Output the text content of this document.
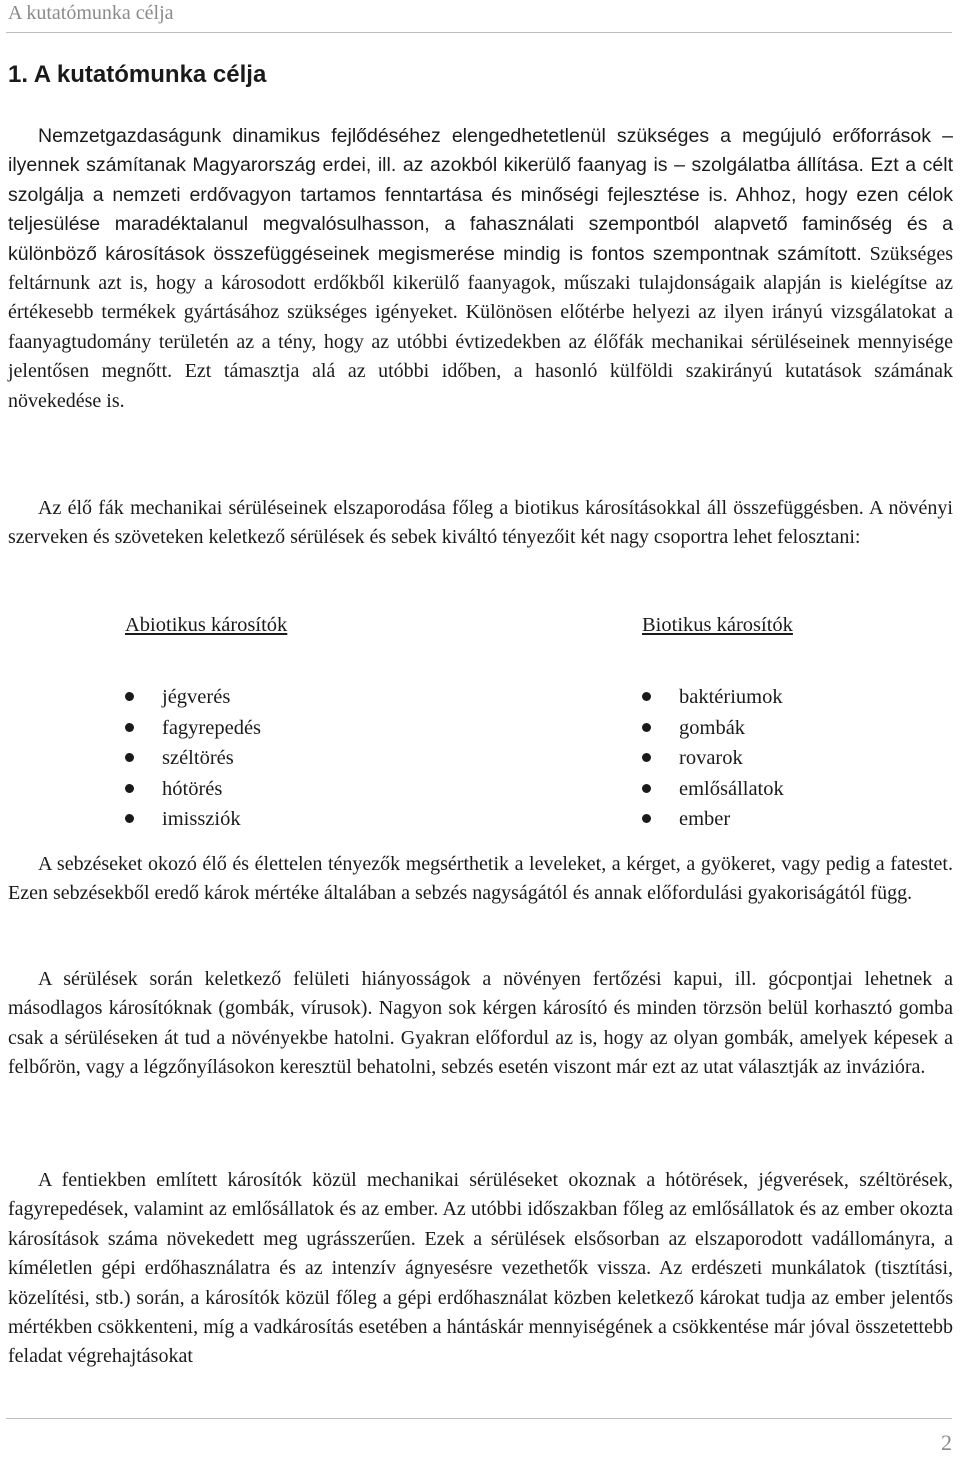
A kutatómunka célja
1. A kutatómunka célja

Nemzetgazdaságunk dinamikus fejlődéséhez elengedhetetlenül szükséges a megújuló erőforrások – ilyennek számítanak Magyarország erdei, ill. az azokból kikerülő faanyag is – szolgálatba állítása. Ezt a célt szolgálja a nemzeti erdővagyon tartamos fenntartása és minőségi fejlesztése is. Ahhoz, hogy ezen célok teljesülése maradéktalanul megvalósulhasson, a fahasználati szempontból alapvető faminőség és a különböző károsítások összefüggéseinek megismerése mindig is fontos szempontnak számított. Szükséges feltárnunk azt is, hogy a károsodott erdőkből kikerülő faanyagok, műszaki tulajdonságaik alapján is kielégítse az értékesebb termékek gyártásához szükséges igényeket. Különösen előtérbe helyezi az ilyen irányú vizsgálatokat a faanyagtudomány területén az a tény, hogy az utóbbi évtizedekben az élőfák mechanikai sérüléseinek mennyisége jelentősen megnőtt. Ezt támasztja alá az utóbbi időben, a hasonló külföldi szakirányú kutatások számának növekedése is.

Az élő fák mechanikai sérüléseinek elszaporodása főleg a biotikus károsításokkal áll összefüggésben. A növényi szerveken és szöveteken keletkező sérülések és sebek kiváltó tényezőit két nagy csoportra lehet felosztani:

Abiotikus károsítók

jégverés
fagyrepedés
széltörés
hótörés
imissziók

Biotikus károsítók

baktériumok
gombák
rovarok
emlősállatok
ember

A sebzéseket okozó élő és élettelen tényezők megsérthetik a leveleket, a kérget, a gyökeret, vagy pedig a fatestet. Ezen sebzésekből eredő károk mértéke általában a sebzés nagyságától és annak előfordulási gyakoriságától függ.

A sérülések során keletkező felületi hiányosságok a növényen fertőzési kapui, ill. gócpontjai lehetnek a másodlagos károsítóknak (gombák, vírusok). Nagyon sok kérgen károsító és minden törzsön belül korhasztó gomba csak a sérüléseken át tud a növényekbe hatolni. Gyakran előfordul az is, hogy az olyan gombák, amelyek képesek a felbőrön, vagy a légzőnyílásokon keresztül behatolni, sebzés esetén viszont már ezt az utat választják az invázióra.

A fentiekben említett károsítók közül mechanikai sérüléseket okoznak a hótörések, jégverések, széltörések, fagyrepedések, valamint az emlősállatok és az ember. Az utóbbi időszakban főleg az emlősállatok és az ember okozta károsítások száma növekedett meg ugrásszerűen. Ezek a sérülések elsősorban az elszaporodott vadállományra, a kíméletlen gépi erdőhasználatra és az intenzív ágnyesésre vezethetők vissza. Az erdészeti munkálatok (tisztítási, közelítési, stb.) során, a károsítók közül főleg a gépi erdőhasználat közben keletkező károkat tudja az ember jelentős mértékben csökkenteni, míg a vadkárosítás esetében a hántáskár mennyiségének a csökkentése már jóval összetettebb feladat végrehajtásokat

2
